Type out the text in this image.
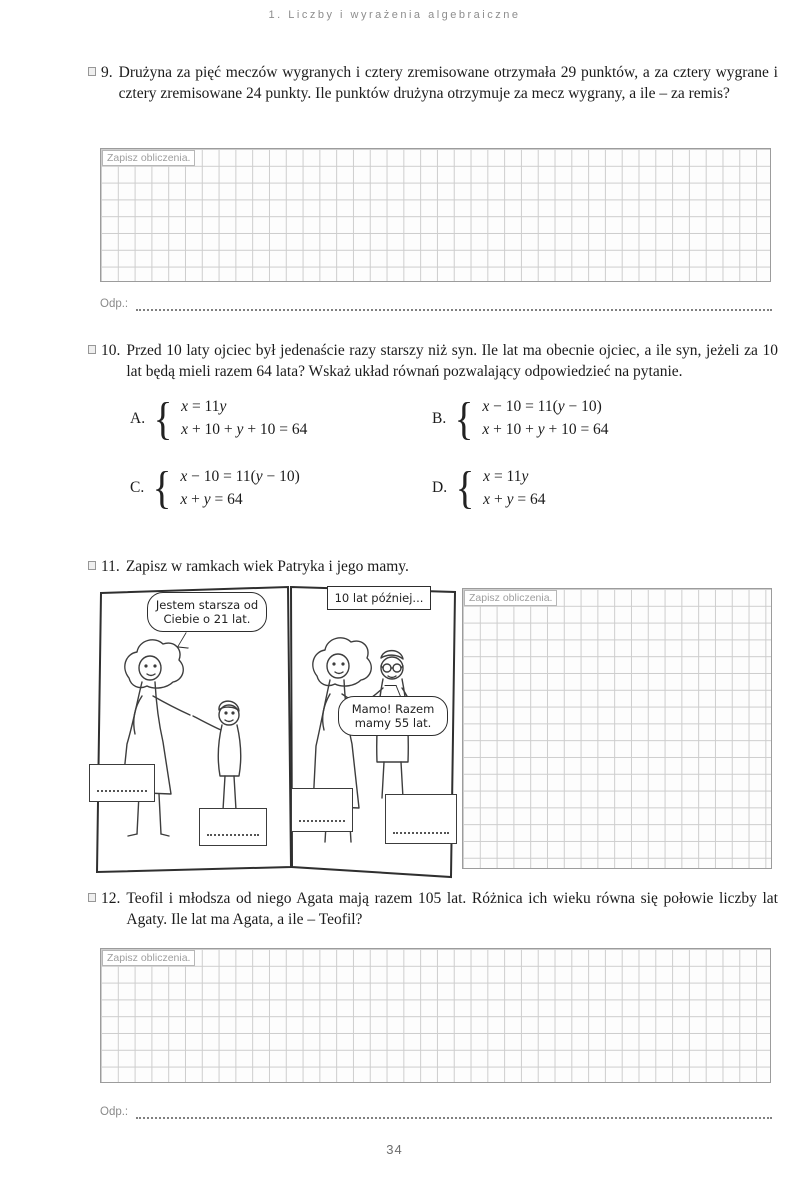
1. Liczby i wyrażenia algebraiczne
9. Drużyna za pięć meczów wygranych i cztery zremisowane otrzymała 29 punktów, a za cztery wygrane i cztery zremisowane 24 punkty. Ile punktów drużyna otrzymuje za mecz wygrany, a ile – za remis?
Zapisz obliczenia.
Odp.:
10. Przed 10 laty ojciec był jedenaście razy starszy niż syn. Ile lat ma obecnie ojciec, a ile syn, jeżeli za 10 lat będą mieli razem 64 lata? Wskaż układ równań pozwalający odpowiedzieć na pytanie.
A. { x = 11y
x + 10 + y + 10 = 64
B. { x − 10 = 11(y − 10)
x + 10 + y + 10 = 64
C. { x − 10 = 11(y − 10)
x + y = 64
D. { x = 11y
x + y = 64
11. Zapisz w ramkach wiek Patryka i jego mamy.
Jestem starsza od Ciebie o 21 lat.
10 lat później...
Mamo! Razem mamy 55 lat.
Zapisz obliczenia.
12. Teofil i młodsza od niego Agata mają razem 105 lat. Różnica ich wieku równa się połowie liczby lat Agaty. Ile lat ma Agata, a ile – Teofil?
Zapisz obliczenia.
Odp.:
34
